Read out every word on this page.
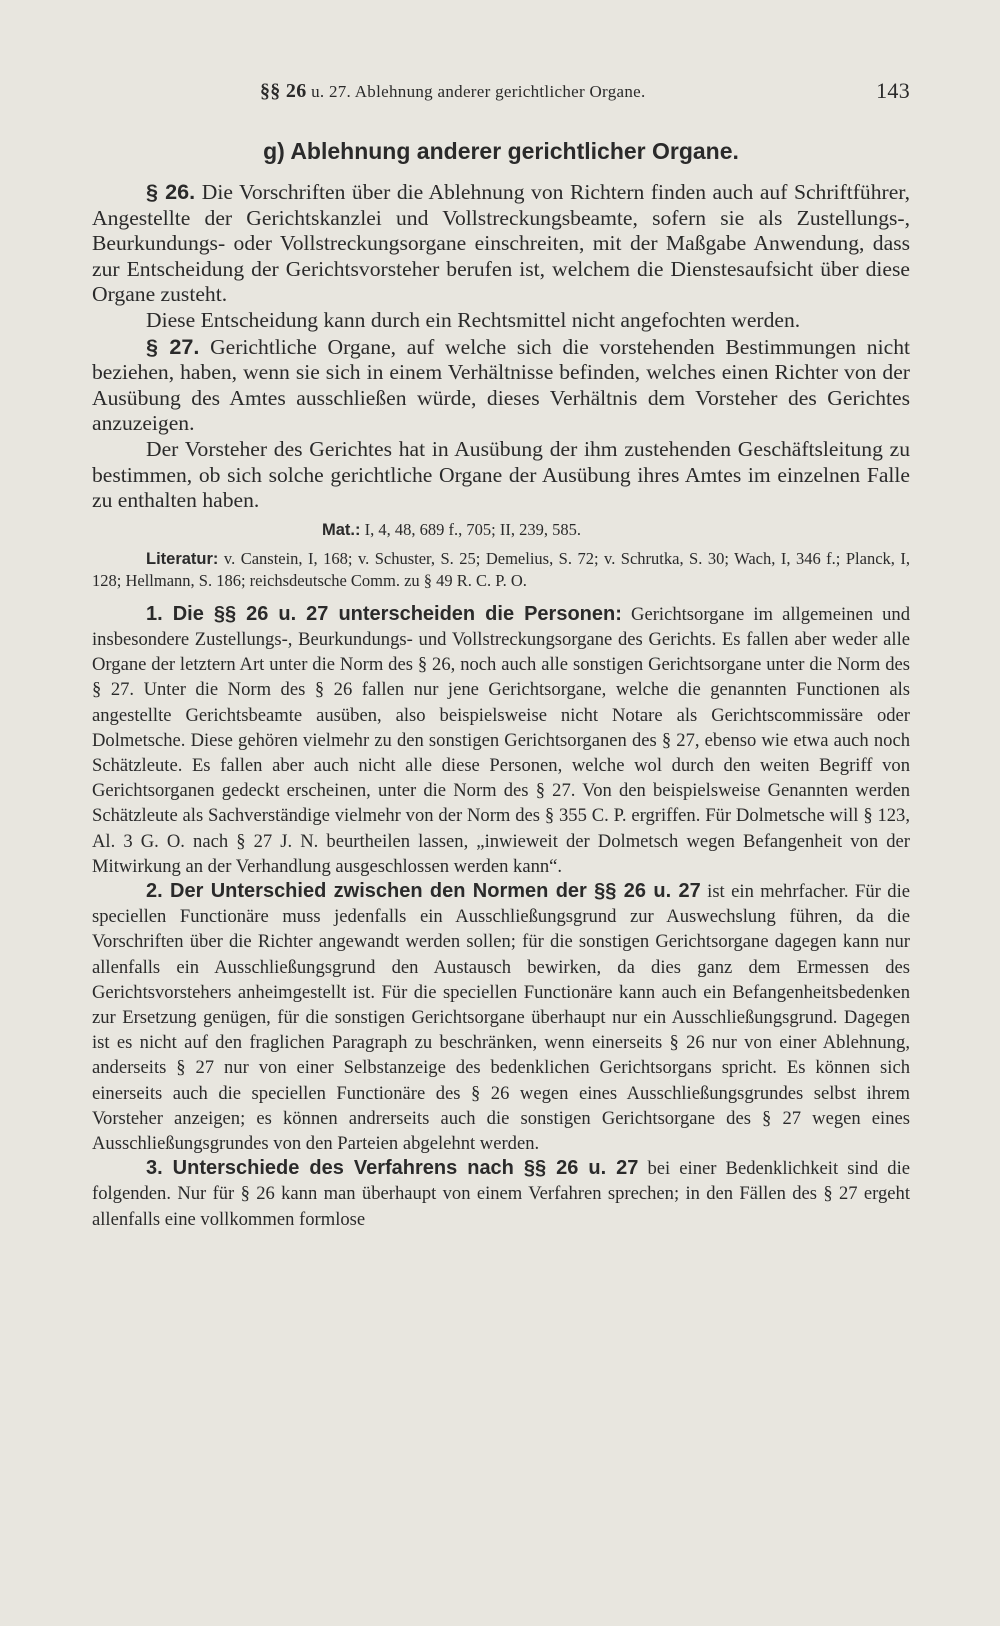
§§ 26 u. 27. Ablehnung anderer gerichtlicher Organe.	143
g) Ablehnung anderer gerichtlicher Organe.

§ 26. Die Vorschriften über die Ablehnung von Richtern finden auch auf Schriftführer, Angestellte der Gerichtskanzlei und Vollstreckungsbeamte, sofern sie als Zustellungs-, Beurkundungs- oder Vollstreckungsorgane einschreiten, mit der Maßgabe Anwendung, dass zur Entscheidung der Gerichtsvorsteher berufen ist, welchem die Dienstesaufsicht über diese Organe zusteht.

Diese Entscheidung kann durch ein Rechtsmittel nicht angefochten werden.

§ 27. Gerichtliche Organe, auf welche sich die vorstehenden Bestimmungen nicht beziehen, haben, wenn sie sich in einem Verhältnisse befinden, welches einen Richter von der Ausübung des Amtes ausschließen würde, dieses Verhältnis dem Vorsteher des Gerichtes anzuzeigen.

Der Vorsteher des Gerichtes hat in Ausübung der ihm zustehenden Geschäftsleitung zu bestimmen, ob sich solche gerichtliche Organe der Ausübung ihres Amtes im einzelnen Falle zu enthalten haben.

Mat.: I, 4, 48, 689 f., 705; II, 239, 585.
Literatur: v. Canstein, I, 168; v. Schuster, S. 25; Demelius, S. 72; v. Schrutka, S. 30; Wach, I, 346 f.; Planck, I, 128; Hellmann, S. 186; reichsdeutsche Comm. zu § 49 R. C. P. O.

1. Die §§ 26 u. 27 unterscheiden die Personen: Gerichtsorgane im allgemeinen und insbesondere Zustellungs-, Beurkundungs- und Vollstreckungsorgane des Gerichts. Es fallen aber weder alle Organe der letztern Art unter die Norm des § 26, noch auch alle sonstigen Gerichtsorgane unter die Norm des § 27. Unter die Norm des § 26 fallen nur jene Gerichtsorgane, welche die genannten Functionen als angestellte Gerichtsbeamte ausüben, also beispielsweise nicht Notare als Gerichtscommissäre oder Dolmetsche. Diese gehören vielmehr zu den sonstigen Gerichtsorganen des § 27, ebenso wie etwa auch noch Schätzleute. Es fallen aber auch nicht alle diese Personen, welche wol durch den weiten Begriff von Gerichtsorganen gedeckt erscheinen, unter die Norm des § 27. Von den beispielsweise Genannten werden Schätzleute als Sachverständige vielmehr von der Norm des § 355 C. P. ergriffen. Für Dolmetsche will § 123, Al. 3 G. O. nach § 27 J. N. beurtheilen lassen, „inwieweit der Dolmetsch wegen Befangenheit von der Mitwirkung an der Verhandlung ausgeschlossen werden kann“.

2. Der Unterschied zwischen den Normen der §§ 26 u. 27 ist ein mehrfacher. Für die speciellen Functionäre muss jedenfalls ein Ausschließungsgrund zur Auswechslung führen, da die Vorschriften über die Richter angewandt werden sollen; für die sonstigen Gerichtsorgane dagegen kann nur allenfalls ein Ausschließungsgrund den Austausch bewirken, da dies ganz dem Ermessen des Gerichtsvorstehers anheimgestellt ist. Für die speciellen Functionäre kann auch ein Befangenheitsbedenken zur Ersetzung genügen, für die sonstigen Gerichtsorgane überhaupt nur ein Ausschließungsgrund. Dagegen ist es nicht auf den fraglichen Paragraph zu beschränken, wenn einerseits § 26 nur von einer Ablehnung, anderseits § 27 nur von einer Selbstanzeige des bedenklichen Gerichtsorgans spricht. Es können sich einerseits auch die speciellen Functionäre des § 26 wegen eines Ausschließungsgrundes selbst ihrem Vorsteher anzeigen; es können andrerseits auch die sonstigen Gerichtsorgane des § 27 wegen eines Ausschließungsgrundes von den Parteien abgelehnt werden.

3. Unterschiede des Verfahrens nach §§ 26 u. 27 bei einer Bedenklichkeit sind die folgenden. Nur für § 26 kann man überhaupt von einem Verfahren sprechen; in den Fällen des § 27 ergeht allenfalls eine vollkommen formlose
